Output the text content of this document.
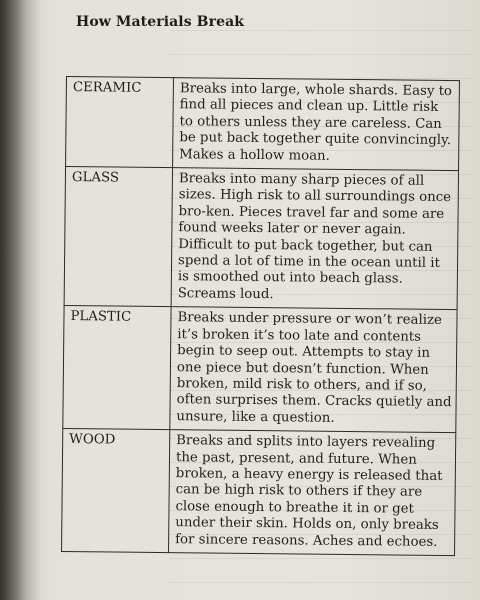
How Materials Break
CERAMIC	Breaks into large, whole shards. Easy to find all pieces and clean up. Little risk to others unless they are careless. Can be put back together quite convincingly. Makes a hollow moan.
GLASS	Breaks into many sharp pieces of all sizes. High risk to all surroundings once bro-ken. Pieces travel far and some are found weeks later or never again. Difficult to put back together, but can spend a lot of time in the ocean until it is smoothed out into beach glass. Screams loud.
PLASTIC	Breaks under pressure or won’t realize it’s broken it’s too late and contents begin to seep out. Attempts to stay in one piece but doesn’t function. When broken, mild risk to others, and if so, often surprises them. Cracks quietly and unsure, like a question.
WOOD	Breaks and splits into layers revealing the past, present, and future. When broken, a heavy energy is released that can be high risk to others if they are close enough to breathe it in or get under their skin. Holds on, only breaks for sincere reasons. Aches and echoes.
